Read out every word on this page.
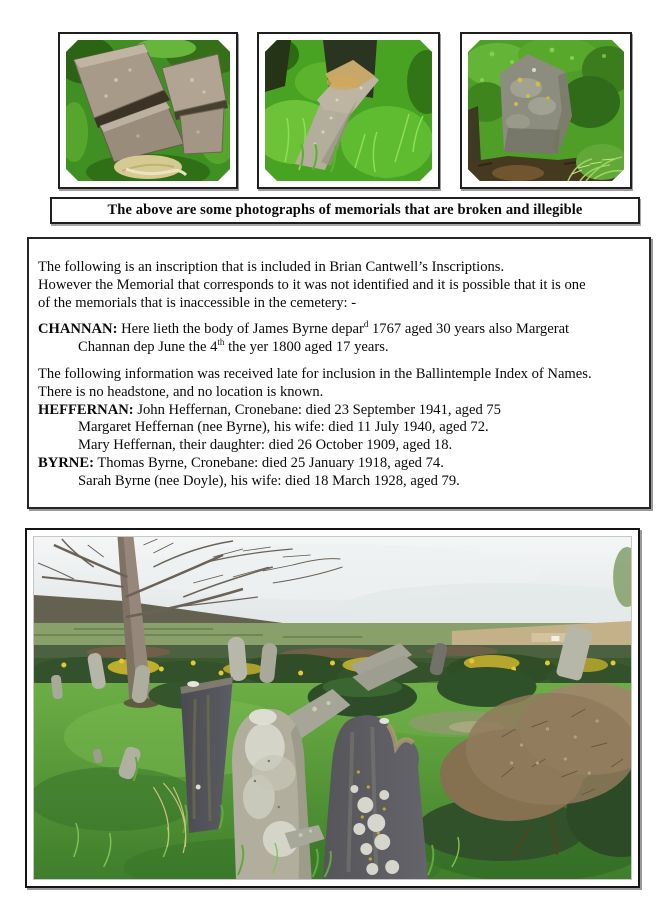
The above are some photographs of memorials that are broken and illegible
The following is an inscription that is included in Brian Cantwell’s Inscriptions.
However the Memorial that corresponds to it was not identified and it is possible that it is one
of the memorials that is inaccessible in the cemetery: -
CHANNAN: Here lieth the body of James Byrne depar$^d$ 1767 aged 30 years also Margerat
Channan dep June the 4th the yer 1800 aged 17 years.
The following information was received late for inclusion in the Ballintemple Index of Names.
There is no headstone, and no location is known.
HEFFERNAN: John Heffernan, Cronebane: died 23 September 1941, aged 75
Margaret Heffernan (nee Byrne), his wife: died 11 July 1940, aged 72.
Mary Heffernan, their daughter: died 26 October 1909, aged 18.
BYRNE: Thomas Byrne, Cronebane: died 25 January 1918, aged 74.
Sarah Byrne (nee Doyle), his wife: died 18 March 1928, aged 79.
